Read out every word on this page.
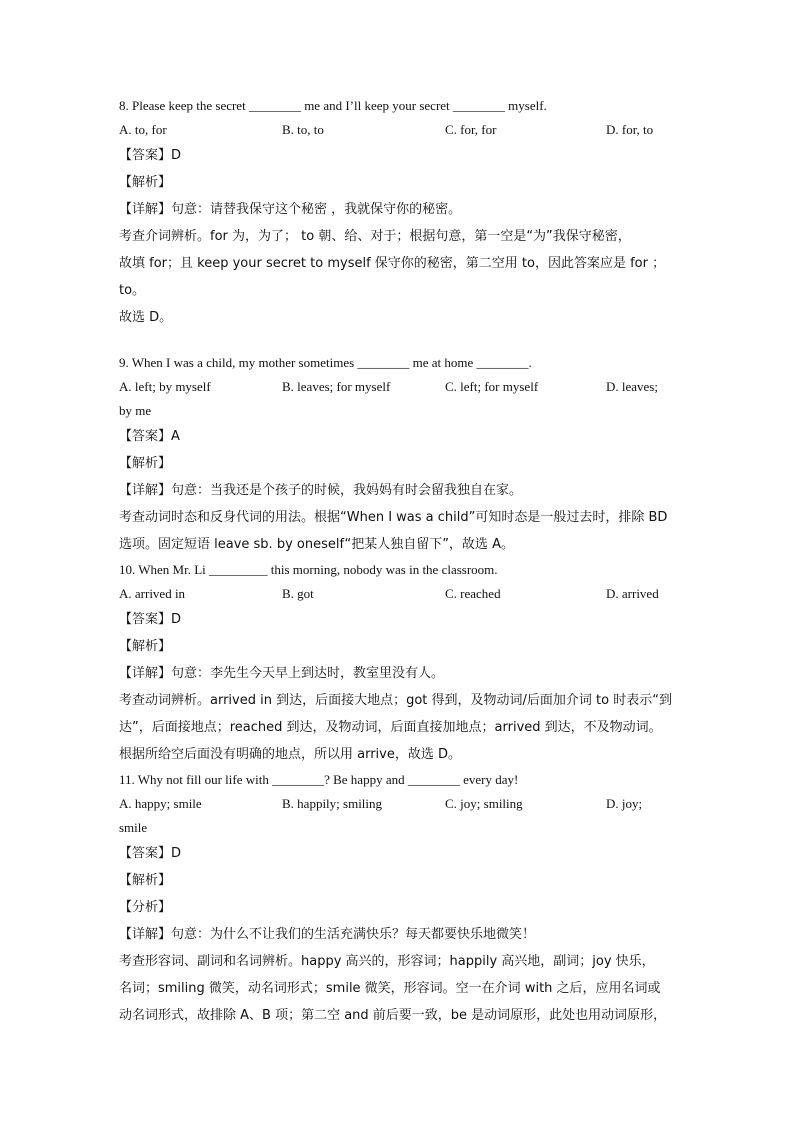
8. Please keep the secret ________ me and I’ll keep your secret ________ myself.

A. to, for	B. to, to	C. for, for	D. for, to

【答案】D

【解析】

【详解】句意：请替我保守这个秘密 ，我就保守你的秘密。

考查介词辨析。for 为，为了； to 朝、给、对于；根据句意，第一空是“为”我保守秘密，

故填 for；且 keep your secret to myself 保守你的秘密，第二空用 to，因此答案应是 for ；to。

故选 D。

9. When I was a child, my mother sometimes ________ me at home ________.

A. left; by myself	B. leaves; for myself	C. left; for myself	D. leaves;

by me

【答案】A

【解析】

【详解】句意：当我还是个孩子的时候，我妈妈有时会留我独自在家。

考查动词时态和反身代词的用法。根据“When I was a child”可知时态是一般过去时，排除 BD

选项。固定短语 leave sb. by oneself“把某人独自留下”，故选 A。

10. When Mr. Li _________ this morning, nobody was in the classroom.

A. arrived in	B. got	C. reached	D. arrived

【答案】D

【解析】

【详解】句意：李先生今天早上到达时，教室里没有人。

考查动词辨析。arrived in 到达，后面接大地点；got 得到，及物动词/后面加介词 to 时表示“到

达”，后面接地点；reached 到达，及物动词，后面直接加地点；arrived 到达，不及物动词。

根据所给空后面没有明确的地点，所以用 arrive，故选 D。

11. Why not fill our life with ________? Be happy and ________ every day!

A. happy; smile	B. happily; smiling	C. joy; smiling	D. joy;

smile

【答案】D

【解析】

【分析】

【详解】句意：为什么不让我们的生活充满快乐？每天都要快乐地微笑！

考查形容词、副词和名词辨析。happy 高兴的，形容词；happily 高兴地，副词；joy 快乐，

名词；smiling 微笑，动名词形式；smile 微笑，形容词。空一在介词 with 之后，应用名词或

动名词形式，故排除 A、B 项；第二空 and 前后要一致，be 是动词原形，此处也用动词原形，
